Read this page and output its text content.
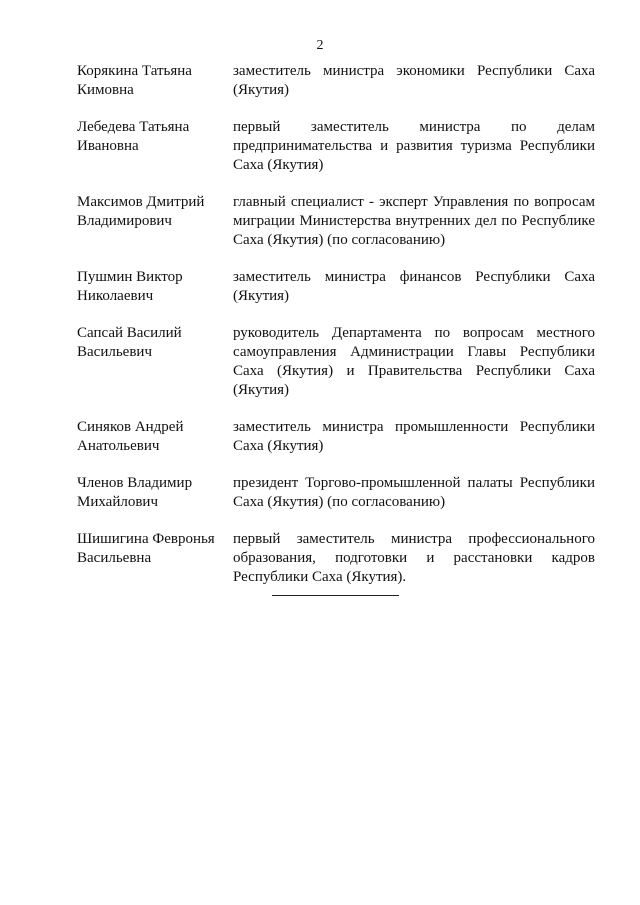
2
Корякина Татьяна
Кимовна
заместитель министра экономики Республики Саха (Якутия)
Лебедева Татьяна
Ивановна
первый заместитель министра по делам предпринимательства и развития туризма Республики Саха (Якутия)
Максимов Дмитрий
Владимирович
главный специалист - эксперт Управления по вопросам миграции Министерства внутренних дел по Республике Саха (Якутия) (по согласованию)
Пушмин Виктор
Николаевич
заместитель министра финансов Республики Саха (Якутия)
Сапсай Василий
Васильевич
руководитель Департамента по вопросам местного самоуправления Администрации Главы Республики Саха (Якутия) и Правительства Республики Саха (Якутия)
Синяков Андрей
Анатольевич
заместитель министра промышленности Республики Саха (Якутия)
Членов Владимир
Михайлович
президент Торгово-промышленной палаты Республики Саха (Якутия) (по согласованию)
Шишигина Февронья
Васильевна
первый заместитель министра профессионального образования, подготовки и расстановки кадров Республики Саха (Якутия).
